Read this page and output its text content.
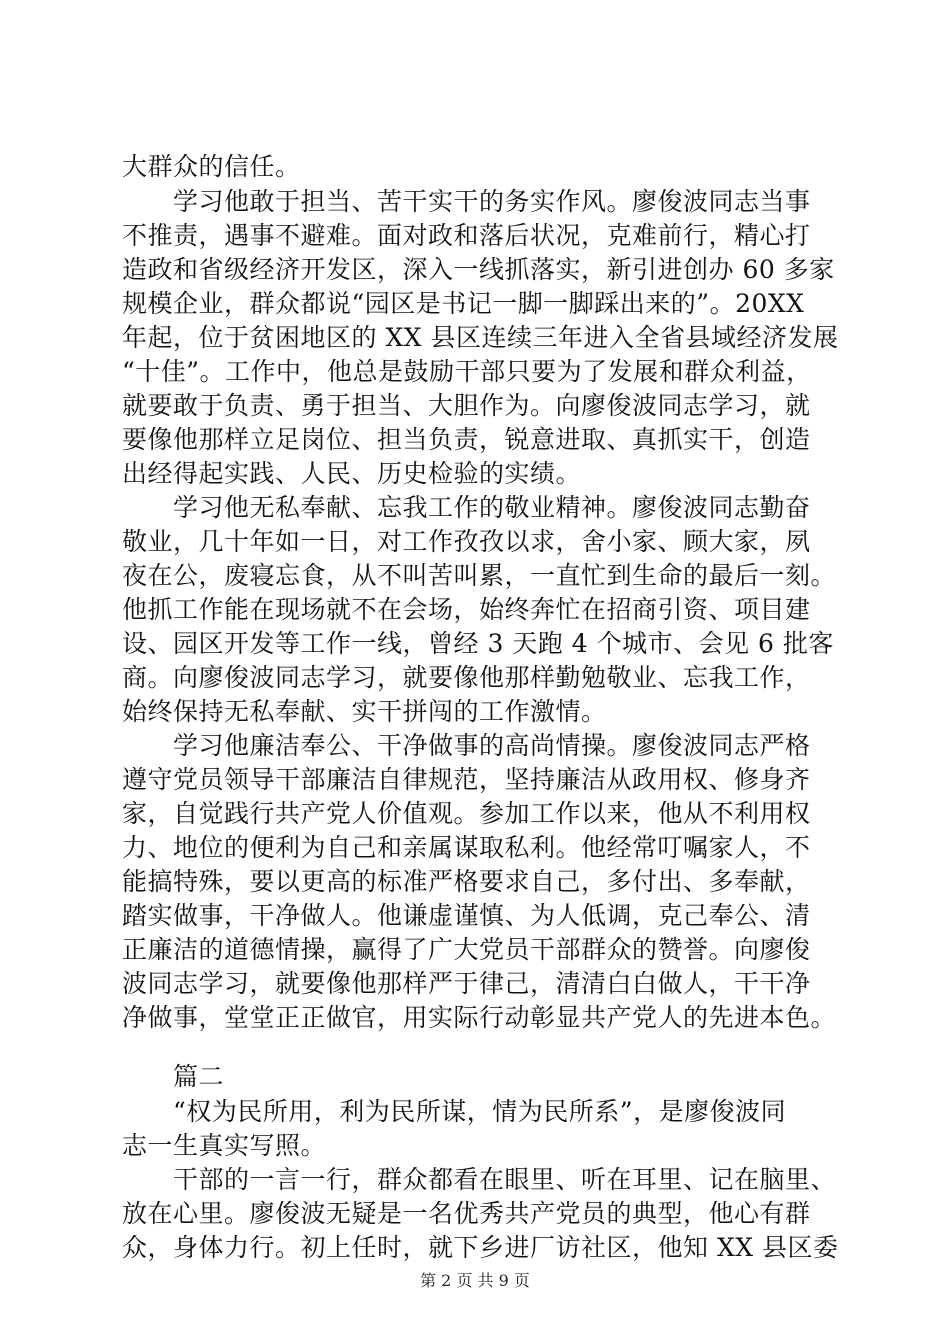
大群众的信任。
　　学习他敢于担当、苦干实干的务实作风。廖俊波同志当事
不推责，遇事不避难。面对政和落后状况，克难前行，精心打
造政和省级经济开发区，深入一线抓落实，新引进创办 60 多家
规模企业，群众都说“园区是书记一脚一脚踩出来的”。20XX
年起，位于贫困地区的 XX 县区连续三年进入全省县域经济发展
“十佳”。工作中，他总是鼓励干部只要为了发展和群众利益，
就要敢于负责、勇于担当、大胆作为。向廖俊波同志学习，就
要像他那样立足岗位、担当负责，锐意进取、真抓实干，创造
出经得起实践、人民、历史检验的实绩。
　　学习他无私奉献、忘我工作的敬业精神。廖俊波同志勤奋
敬业，几十年如一日，对工作孜孜以求，舍小家、顾大家，夙
夜在公，废寝忘食，从不叫苦叫累，一直忙到生命的最后一刻。
他抓工作能在现场就不在会场，始终奔忙在招商引资、项目建
设、园区开发等工作一线，曾经 3 天跑 4 个城市、会见 6 批客
商。向廖俊波同志学习，就要像他那样勤勉敬业、忘我工作，
始终保持无私奉献、实干拼闯的工作激情。
　　学习他廉洁奉公、干净做事的高尚情操。廖俊波同志严格
遵守党员领导干部廉洁自律规范，坚持廉洁从政用权、修身齐
家，自觉践行共产党人价值观。参加工作以来，他从不利用权
力、地位的便利为自己和亲属谋取私利。他经常叮嘱家人，不
能搞特殊，要以更高的标准严格要求自己，多付出、多奉献，
踏实做事，干净做人。他谦虚谨慎、为人低调，克己奉公、清
正廉洁的道德情操，赢得了广大党员干部群众的赞誉。向廖俊
波同志学习，就要像他那样严于律己，清清白白做人，干干净
净做事，堂堂正正做官，用实际行动彰显共产党人的先进本色。
　　篇二
　　“权为民所用，利为民所谋，情为民所系”，是廖俊波同
志一生真实写照。
　　干部的一言一行，群众都看在眼里、听在耳里、记在脑里、
放在心里。廖俊波无疑是一名优秀共产党员的典型，他心有群
众，身体力行。初上任时，就下乡进厂访社区，他知 XX 县区委
第 2 页 共 9 页
